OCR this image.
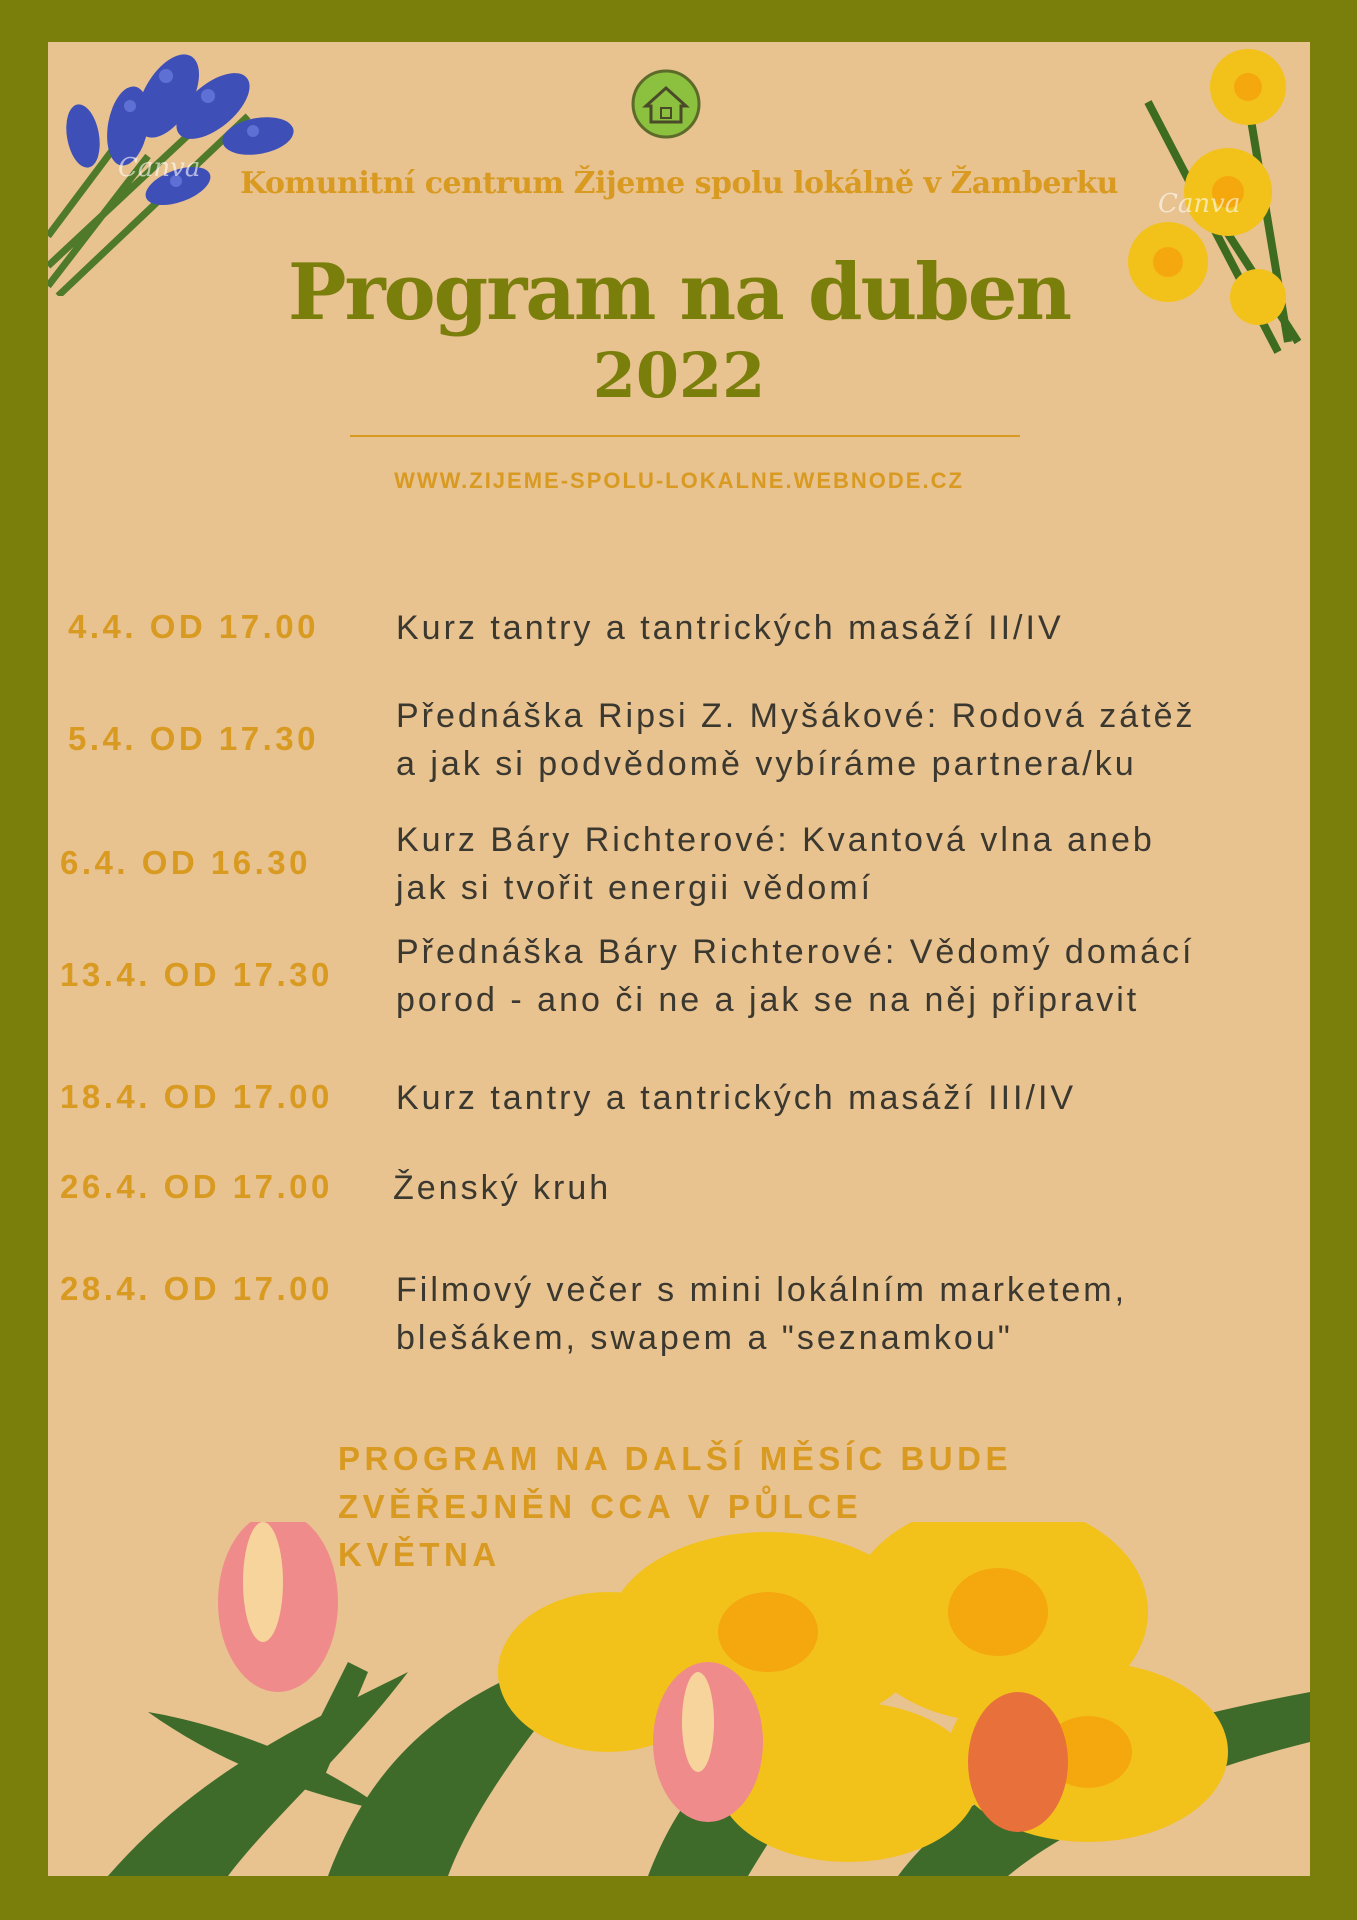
Canva
Canva
Komunitní centrum Žijeme spolu lokálně v Žamberku
Program na duben
2022
WWW.ZIJEME-SPOLU-LOKALNE.WEBNODE.CZ
4.4. OD 17.00 Kurz tantry a tantrických masáží II/IV
5.4. OD 17.30
Přednáška Ripsi Z. Myšákové: Rodová zátěž
a jak si podvědomě vybíráme partnera/ku
6.4. OD 16.30
Kurz Báry Richterové: Kvantová vlna aneb
jak si tvořit energii vědomí
13.4. OD 17.30
Přednáška Báry Richterové: Vědomý domácí
porod - ano či ne a jak se na něj připravit
18.4. OD 17.00 Kurz tantry a tantrických masáží III/IV
26.4. OD 17.00 Ženský kruh
28.4. OD 17.00 Filmový večer s mini lokálním marketem,
blešákem, swapem a "seznamkou"
PROGRAM NA DALŠÍ MĚSÍC BUDE
ZVĚŘEJNĚN CCA V PŮLCE KVĚTNA
